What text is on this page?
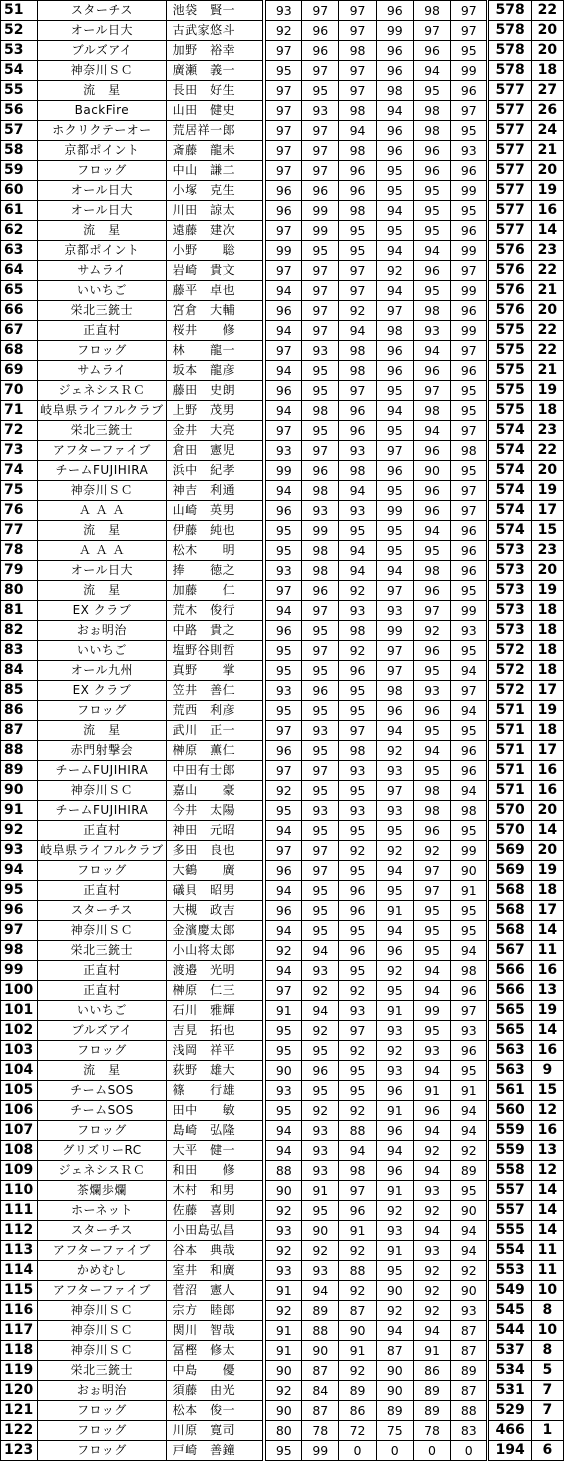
51	スターチス	池袋　賢一	93	97	97	96	98	97	578	22
52	オール日大	古武家悠斗	92	96	97	99	97	97	578	20
53	ブルズアイ	加野　裕幸	97	96	98	96	96	95	578	20
54	神奈川ＳＣ	廣瀬　義一	95	97	97	96	94	99	578	18
55	流　星	長田　好生	97	95	97	98	95	96	577	27
56	BackFire	山田　健史	97	93	98	94	98	97	577	26
57	ホクリクテーオー	荒居祥一郎	97	97	94	96	98	95	577	24
58	京都ポイント	斎藤　龍未	97	97	98	96	96	93	577	21
59	フロッグ	中山　謙二	97	97	96	95	96	96	577	20
60	オール日大	小塚　克生	96	96	96	95	95	99	577	19
61	オール日大	川田　諒太	96	99	98	94	95	95	577	16
62	流　星	遠藤　建次	97	99	95	95	95	96	577	14
63	京都ポイント	小野　　聡	99	95	95	94	94	99	576	23
64	サムライ	岩崎　貴文	97	97	97	92	96	97	576	22
65	いいちご	藤平　卓也	94	97	97	94	95	99	576	21
66	栄北三銃士	宮倉　大輔	96	97	92	97	98	96	576	20
67	正直村	桜井　　修	94	97	94	98	93	99	575	22
68	フロッグ	林　　龍一	97	93	98	96	94	97	575	22
69	サムライ	坂本　龍彦	94	95	98	96	96	96	575	21
70	ジェネシスＲＣ	藤田　史朗	96	95	97	95	97	95	575	19
71	岐阜県ライフルクラブ	上野　茂男	94	98	96	94	98	95	575	18
72	栄北三銃士	金井　大亮	97	95	96	95	94	97	574	23
73	アフターファイブ	倉田　憲児	93	97	93	97	96	98	574	22
74	チームFUJIHIRA	浜中　紀孝	99	96	98	96	90	95	574	20
75	神奈川ＳＣ	神吉　利通	94	98	94	95	96	97	574	19
76	Ａ Ａ Ａ	山崎　英男	96	93	93	99	96	97	574	17
77	流　星	伊藤　純也	95	99	95	95	94	96	574	15
78	Ａ Ａ Ａ	松木　　明	95	98	94	95	95	96	573	23
79	オール日大	捧　　徳之	93	98	94	94	98	96	573	20
80	流　星	加藤　　仁	97	96	92	97	96	95	573	19
81	EX クラブ	荒木　俊行	94	97	93	93	97	99	573	18
82	おぉ明治	中路　貴之	96	95	98	99	92	93	573	18
83	いいちご	塩野谷則哲	95	97	92	97	96	95	572	18
84	オール九州	真野　　掌	95	95	96	97	95	94	572	18
85	EX クラブ	笠井　善仁	93	96	95	98	93	97	572	17
86	フロッグ	荒西　利彦	95	95	95	96	96	94	571	19
87	流　星	武川　正一	97	93	97	94	95	95	571	18
88	赤門射撃会	榊原　薫仁	96	95	98	92	94	96	571	17
89	チームFUJIHIRA	中田有士郎	97	97	93	93	95	96	571	16
90	神奈川ＳＣ	嘉山　　豪	92	95	95	97	98	94	571	16
91	チームFUJIHIRA	今井　太陽	95	93	93	93	98	98	570	20
92	正直村	神田　元昭	94	95	95	95	96	95	570	14
93	岐阜県ライフルクラブ	多田　良也	97	97	92	92	92	99	569	20
94	フロッグ	大鶴　　廣	96	97	95	94	97	90	569	19
95	正直村	礒貝　昭男	94	95	96	95	97	91	568	18
96	スターチス	大槻　政吉	96	95	96	91	95	95	568	17
97	神奈川ＳＣ	金濱慶太郎	94	95	95	94	95	95	568	14
98	栄北三銃士	小山将太郎	92	94	96	96	95	94	567	11
99	正直村	渡邉　光明	94	93	95	92	94	98	566	16
100	正直村	榊原　仁三	97	92	92	95	94	96	566	13
101	いいちご	石川　雅輝	91	94	93	91	99	97	565	19
102	ブルズアイ	吉見　拓也	95	92	97	93	95	93	565	14
103	フロッグ	浅岡　祥平	95	95	92	92	93	96	563	16
104	流　星	荻野　雄大	90	96	95	93	94	95	563	9
105	チームSOS	篠　　行雄	93	95	95	96	91	91	561	15
106	チームSOS	田中　　敏	95	92	92	91	96	94	560	12
107	フロッグ	島崎　弘隆	94	93	88	96	94	94	559	16
108	グリズリーRC	大平　健一	94	93	94	94	92	92	559	13
109	ジェネシスＲＣ	和田　　修	88	93	98	96	94	89	558	12
110	茶爛歩爛	木村　和男	90	91	97	91	93	95	557	14
111	ホーネット	佐藤　喜則	92	95	96	92	92	90	557	14
112	スターチス	小田島弘昌	93	90	91	93	94	94	555	14
113	アフターファイブ	谷本　典哉	92	92	92	91	93	94	554	11
114	かめむし	室井　和廣	93	93	88	95	92	92	553	11
115	アフターファイブ	菅沼　憲人	91	94	92	90	92	90	549	10
116	神奈川ＳＣ	宗方　睦郎	92	89	87	92	92	93	545	8
117	神奈川ＳＣ	関川　智哉	91	88	90	94	94	87	544	10
118	神奈川ＳＣ	冨樫　修太	91	90	91	87	91	87	537	8
119	栄北三銃士	中島　　優	90	87	92	90	86	89	534	5
120	おぉ明治	須藤　由光	92	84	89	90	89	87	531	7
121	フロッグ	松本　俊一	90	87	86	89	89	88	529	7
122	フロッグ	川原　寛司	80	78	72	75	78	83	466	1
123	フロッグ	戸崎　善鐘	95	99	0	0	0	0	194	6
